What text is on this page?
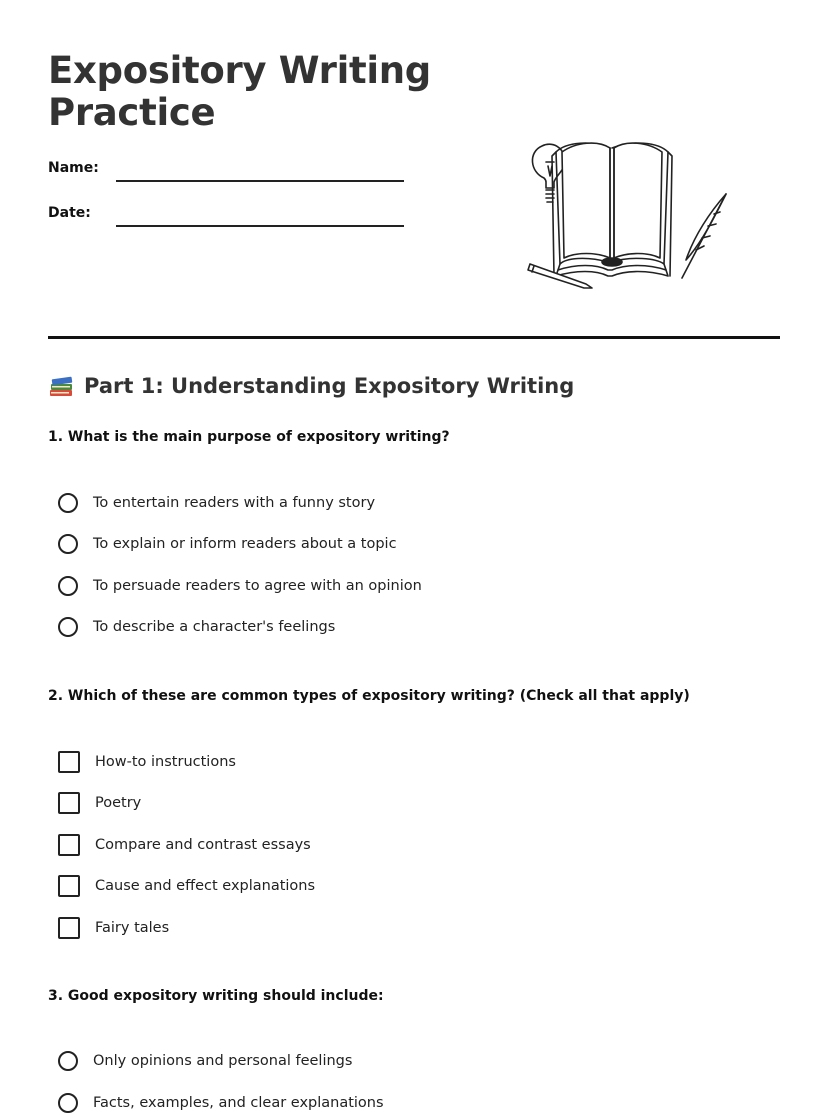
Expository Writing
Practice
Name:
Date:
Part 1: Understanding Expository Writing
1. What is the main purpose of expository writing?
To entertain readers with a funny story
To explain or inform readers about a topic
To persuade readers to agree with an opinion
To describe a character's feelings
2. Which of these are common types of expository writing? (Check all that apply)
How-to instructions
Poetry
Compare and contrast essays
Cause and effect explanations
Fairy tales
3. Good expository writing should include:
Only opinions and personal feelings
Facts, examples, and clear explanations
